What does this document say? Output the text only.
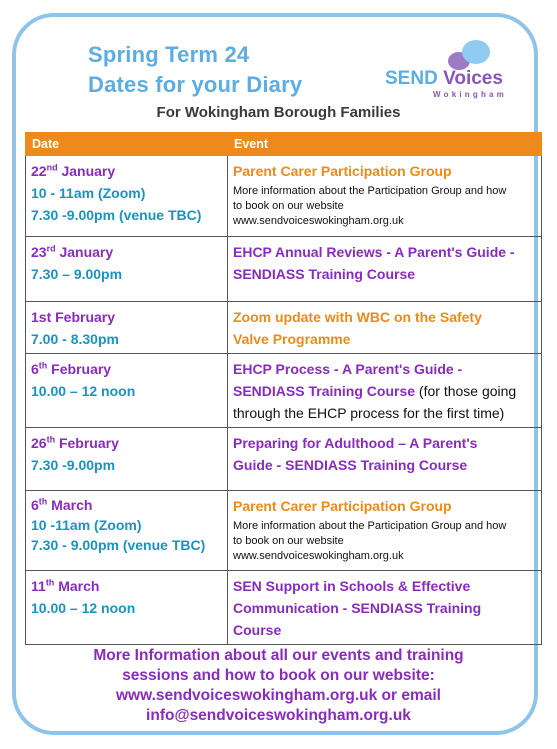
Spring Term 24
Dates for your Diary	SEND Voices
Wokingham
For Wokingham Borough Families
Date	Event

22nd January
10 - 11am (Zoom)
7.30 -9.00pm (venue TBC)	Parent Carer Participation Group
More information about the Participation Group and how
to book on our website
www.sendvoiceswokingham.org.uk

23rd January
7.30 – 9.00pm	EHCP Annual Reviews - A Parent's Guide -
SENDIASS Training Course

1st February
7.00 - 8.30pm	Zoom update with WBC on the Safety
Valve Programme

6th February
10.00 – 12 noon	EHCP Process - A Parent's Guide -
SENDIASS Training Course (for those going
through the EHCP process for the first time)

26th February
7.30 -9.00pm	Preparing for Adulthood – A Parent's
Guide - SENDIASS Training Course

6th March
10 -11am (Zoom)
7.30 - 9.00pm (venue TBC)	Parent Carer Participation Group
More information about the Participation Group and how
to book on our website
www.sendvoiceswokingham.org.uk

11th March
10.00 – 12 noon	SEN Support in Schools & Effective
Communication - SENDIASS Training
Course
More Information about all our events and training
sessions and how to book on our website:
www.sendvoiceswokingham.org.uk or email
info@sendvoiceswokingham.org.uk
